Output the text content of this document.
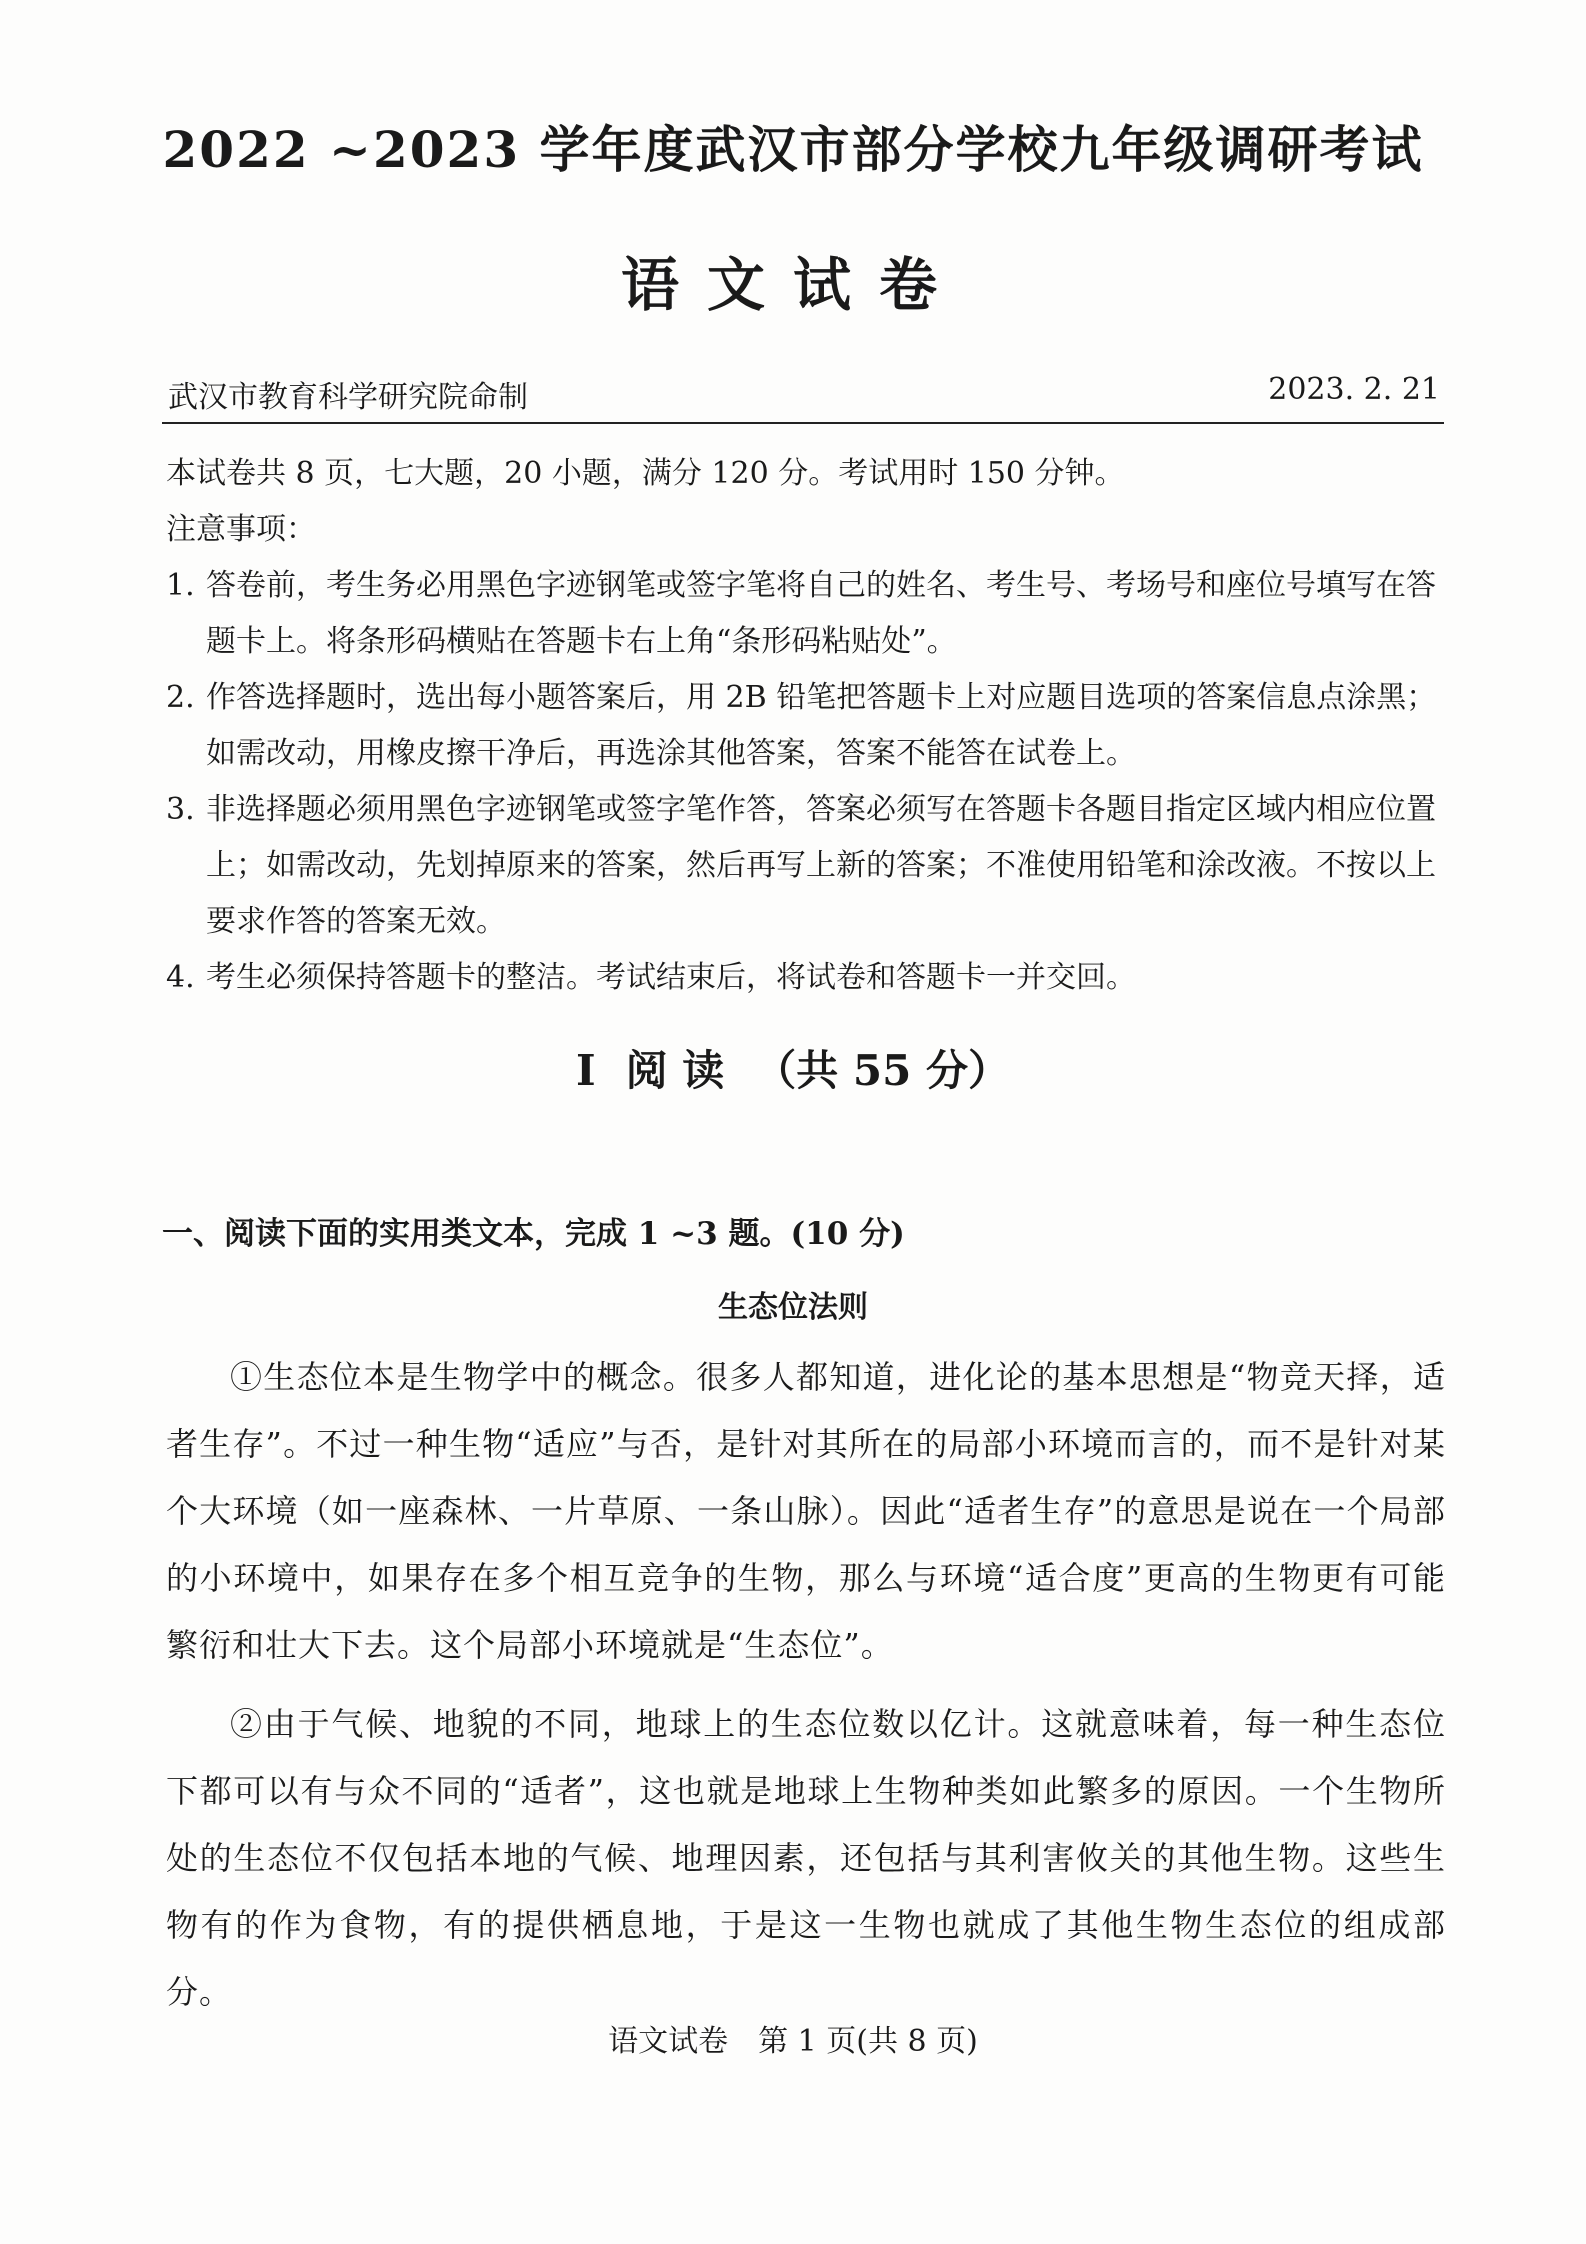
2022 ~2023 学年度武汉市部分学校九年级调研考试
语文试卷
武汉市教育科学研究院命制	2023. 2. 21

本试卷共 8 页，七大题，20 小题，满分 120 分。考试用时 150 分钟。

注意事项：

1. 答卷前，考生务必用黑色字迹钢笔或签字笔将自己的姓名、考生号、考场号和座位号填写在答题卡上。将条形码横贴在答题卡右上角“条形码粘贴处”。
2. 作答选择题时，选出每小题答案后，用 2B 铅笔把答题卡上对应题目选项的答案信息点涂黑；如需改动，用橡皮擦干净后，再选涂其他答案，答案不能答在试卷上。
3. 非选择题必须用黑色字迹钢笔或签字笔作答，答案必须写在答题卡各题目指定区域内相应位置上；如需改动，先划掉原来的答案，然后再写上新的答案；不准使用铅笔和涂改液。不按以上要求作答的答案无效。
4. 考生必须保持答题卡的整洁。考试结束后，将试卷和答题卡一并交回。
I 阅 读 （共 55 分）
一、阅读下面的实用类文本，完成 1 ~3 题。(10 分)
生态位法则

①生态位本是生物学中的概念。很多人都知道，进化论的基本思想是“物竞天择，适者生存”。不过一种生物“适应”与否，是针对其所在的局部小环境而言的，而不是针对某个大环境（如一座森林、一片草原、一条山脉）。因此“适者生存”的意思是说在一个局部的小环境中，如果存在多个相互竞争的生物，那么与环境“适合度”更高的生物更有可能繁衍和壮大下去。这个局部小环境就是“生态位”。

②由于气候、地貌的不同，地球上的生态位数以亿计。这就意味着，每一种生态位下都可以有与众不同的“适者”，这也就是地球上生物种类如此繁多的原因。一个生物所处的生态位不仅包括本地的气候、地理因素，还包括与其利害攸关的其他生物。这些生物有的作为食物，有的提供栖息地，于是这一生物也就成了其他生物生态位的组成部分。

语文试卷　第 1 页(共 8 页)
